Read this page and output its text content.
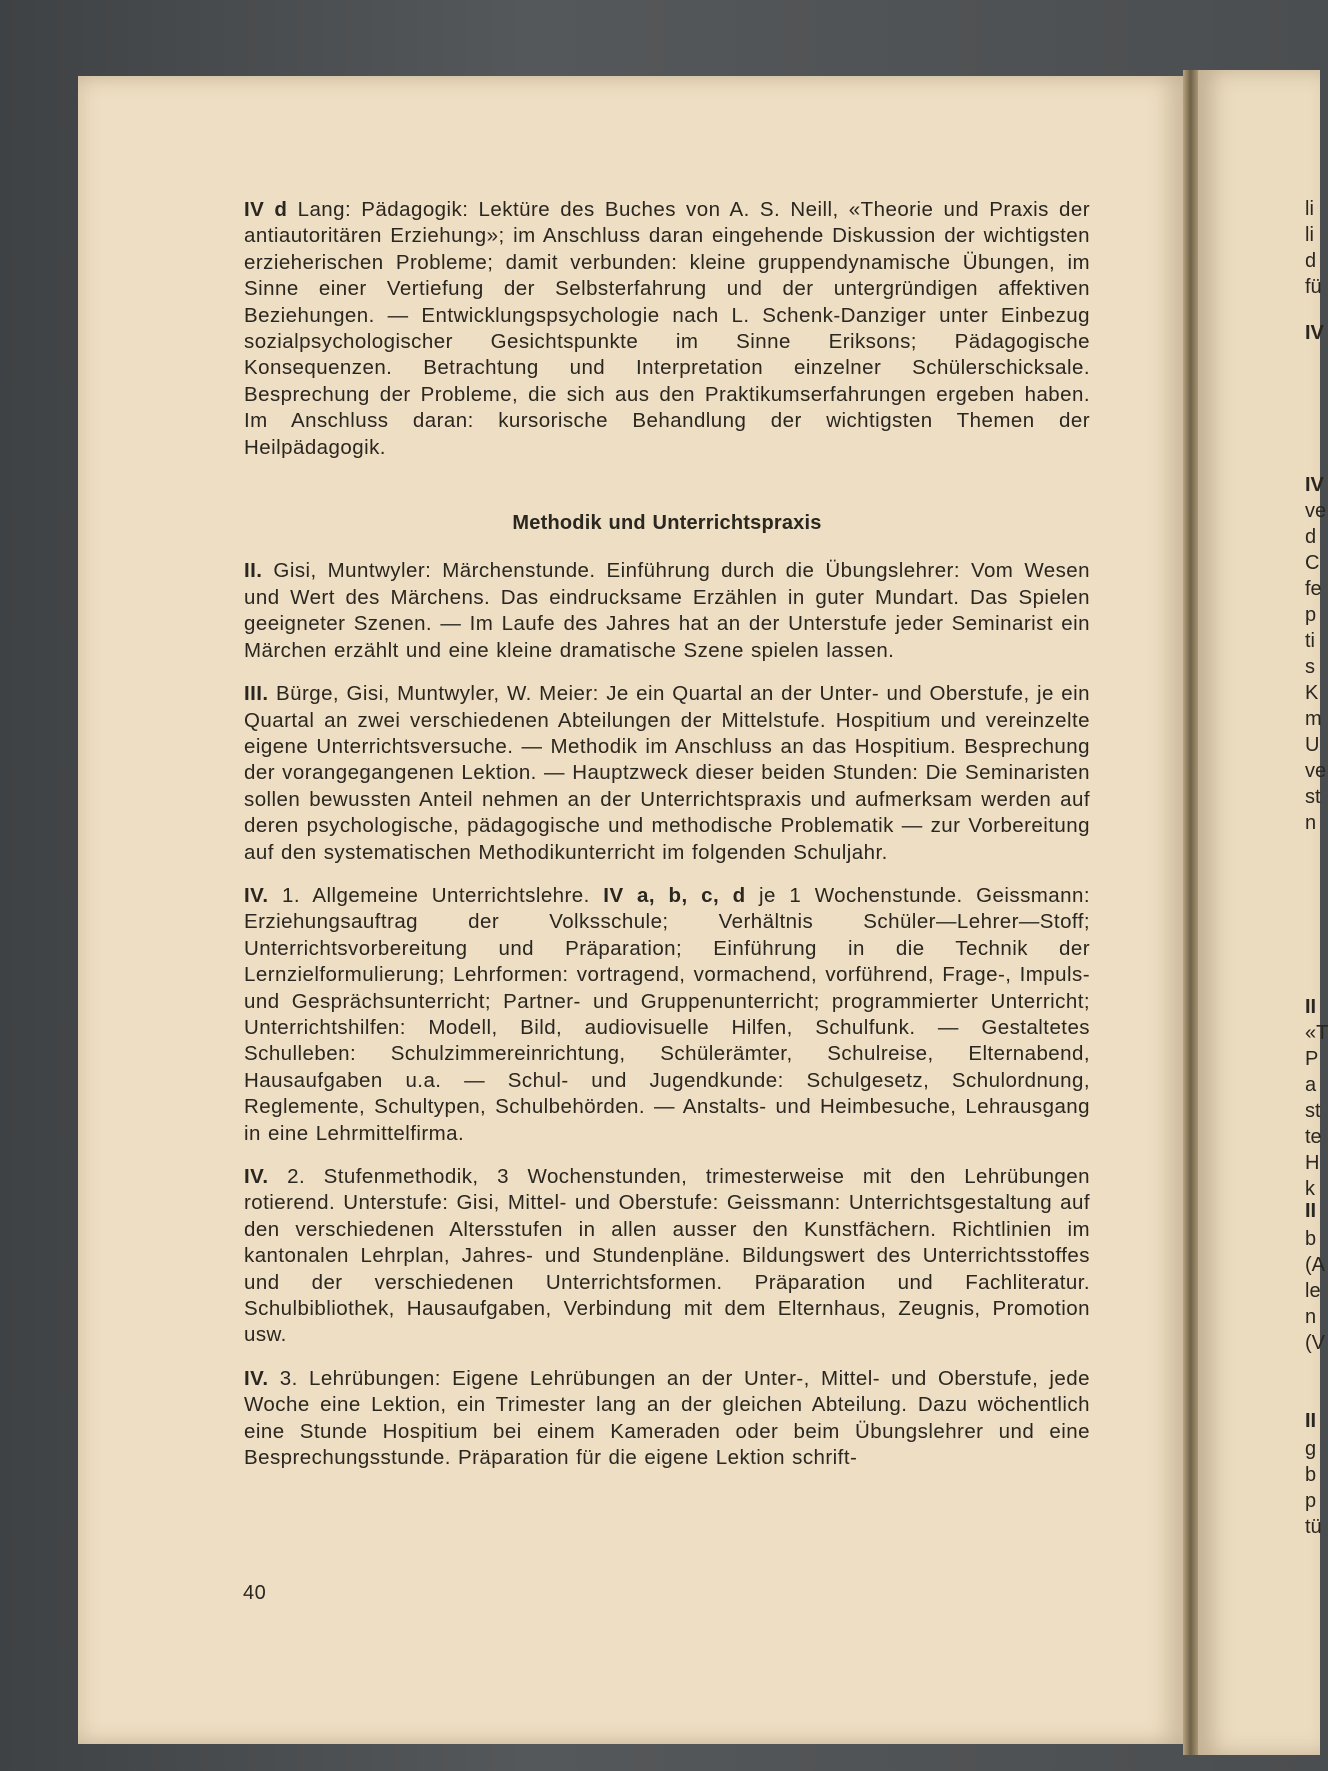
IV d Lang: Pädagogik: Lektüre des Buches von A. S. Neill, «Theorie und Praxis der antiautoritären Erziehung»; im Anschluss daran eingehende Diskussion der wichtigsten erzieherischen Probleme; damit verbunden: kleine gruppendynamische Übungen, im Sinne einer Vertiefung der Selbsterfahrung und der untergründigen affektiven Beziehungen. — Entwicklungspsychologie nach L. Schenk-Danziger unter Einbezug sozialpsychologischer Gesichtspunkte im Sinne Eriksons; Pädagogische Konsequenzen. Betrachtung und Interpretation einzelner Schülerschicksale. Besprechung der Probleme, die sich aus den Praktikumserfahrungen ergeben haben. Im Anschluss daran: kursorische Behandlung der wichtigsten Themen der Heilpädagogik.

Methodik und Unterrichtspraxis

II. Gisi, Muntwyler: Märchenstunde. Einführung durch die Übungslehrer: Vom Wesen und Wert des Märchens. Das eindrucksame Erzählen in guter Mundart. Das Spielen geeigneter Szenen. — Im Laufe des Jahres hat an der Unterstufe jeder Seminarist ein Märchen erzählt und eine kleine dramatische Szene spielen lassen.

III. Bürge, Gisi, Muntwyler, W. Meier: Je ein Quartal an der Unter- und Oberstufe, je ein Quartal an zwei verschiedenen Abteilungen der Mittelstufe. Hospitium und vereinzelte eigene Unterrichtsversuche. — Methodik im Anschluss an das Hospitium. Besprechung der vorangegangenen Lektion. — Hauptzweck dieser beiden Stunden: Die Seminaristen sollen bewussten Anteil nehmen an der Unterrichtspraxis und aufmerksam werden auf deren psychologische, pädagogische und methodische Problematik — zur Vorbereitung auf den systematischen Methodikunterricht im folgenden Schuljahr.

IV. 1. Allgemeine Unterrichtslehre. IV a, b, c, d je 1 Wochenstunde. Geissmann: Erziehungsauftrag der Volksschule; Verhältnis Schüler—Lehrer—Stoff; Unterrichtsvorbereitung und Präparation; Einführung in die Technik der Lernzielformulierung; Lehrformen: vortragend, vormachend, vorführend, Frage-, Impuls- und Gesprächsunterricht; Partner- und Gruppenunterricht; programmierter Unterricht; Unterrichtshilfen: Modell, Bild, audiovisuelle Hilfen, Schulfunk. — Gestaltetes Schulleben: Schulzimmereinrichtung, Schülerämter, Schulreise, Elternabend, Hausaufgaben u.a. — Schul- und Jugendkunde: Schulgesetz, Schulordnung, Reglemente, Schultypen, Schulbehörden. — Anstalts- und Heimbesuche, Lehrausgang in eine Lehrmittelfirma.

IV. 2. Stufenmethodik, 3 Wochenstunden, trimesterweise mit den Lehrübungen rotierend. Unterstufe: Gisi, Mittel- und Oberstufe: Geissmann: Unterrichtsgestaltung auf den verschiedenen Altersstufen in allen ausser den Kunstfächern. Richtlinien im kantonalen Lehrplan, Jahres- und Stundenpläne. Bildungswert des Unterrichtsstoffes und der verschiedenen Unterrichtsformen. Präparation und Fachliteratur. Schulbibliothek, Hausaufgaben, Verbindung mit dem Elternhaus, Zeugnis, Promotion usw.

IV. 3. Lehrübungen: Eigene Lehrübungen an der Unter-, Mittel- und Oberstufe, jede Woche eine Lektion, ein Trimester lang an der gleichen Abteilung. Dazu wöchentlich eine Stunde Hospitium bei einem Kameraden oder beim Übungslehrer und eine Besprechungsstunde. Präparation für die eigene Lektion schrift-

40
li
li
d
fü
IV
IV
ve
d
C
fe
p
ti
s
K
m
U
ve
st
n
II
«T
P
a
st
te
H
k
II
b
(A
le
n
(V
II
g
b
p
tü
